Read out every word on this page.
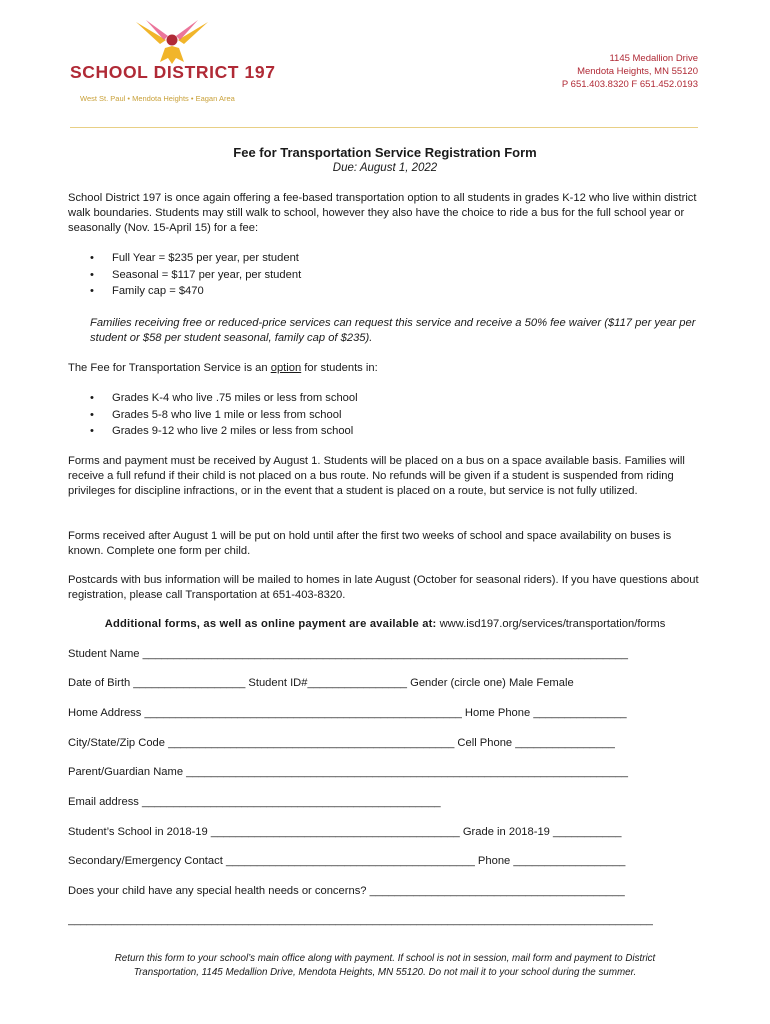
SCHOOL DISTRICT 197
West St. Paul • Mendota Heights • Eagan Area
1145 Medallion Drive
Mendota Heights, MN 55120
P 651.403.8320 F 651.452.0193
Fee for Transportation Service Registration Form
Due: August 1, 2022
School District 197 is once again offering a fee-based transportation option to all students in grades K-12 who live within district walk boundaries. Students may still walk to school, however they also have the choice to ride a bus for the full school year or seasonally (Nov. 15-April 15) for a fee:
• Full Year = $235 per year, per student
• Seasonal = $117 per year, per student
• Family cap = $470
Families receiving free or reduced-price services can request this service and receive a 50% fee waiver ($117 per year per student or $58 per student seasonal, family cap of $235).
The Fee for Transportation Service is an option for students in:
• Grades K-4 who live .75 miles or less from school
• Grades 5-8 who live 1 mile or less from school
• Grades 9-12 who live 2 miles or less from school
Forms and payment must be received by August 1. Students will be placed on a bus on a space available basis. Families will receive a full refund if their child is not placed on a bus route. No refunds will be given if a student is suspended from riding privileges for discipline infractions, or in the event that a student is placed on a route, but service is not fully utilized.
Forms received after August 1 will be put on hold until after the first two weeks of school and space availability on buses is known. Complete one form per child.
Postcards with bus information will be mailed to homes in late August (October for seasonal riders). If you have questions about registration, please call Transportation at 651-403-8320.
Additional forms, as well as online payment are available at: www.isd197.org/services/transportation/forms
Student Name ______________________________________________________________________________
Date of Birth __________________ Student ID#________________ Gender (circle one) Male Female
Home Address ___________________________________________________ Home Phone _______________
City/State/Zip Code ______________________________________________ Cell Phone ________________
Parent/Guardian Name _______________________________________________________________________
Email address ________________________________________________
Student’s School in 2018-19 ________________________________________ Grade in 2018-19 ___________
Secondary/Emergency Contact ________________________________________ Phone __________________
Does your child have any special health needs or concerns? _________________________________________
______________________________________________________________________________________________
Return this form to your school’s main office along with payment. If school is not in session, mail form and payment to District
Transportation, 1145 Medallion Drive, Mendota Heights, MN 55120. Do not mail it to your school during the summer.
